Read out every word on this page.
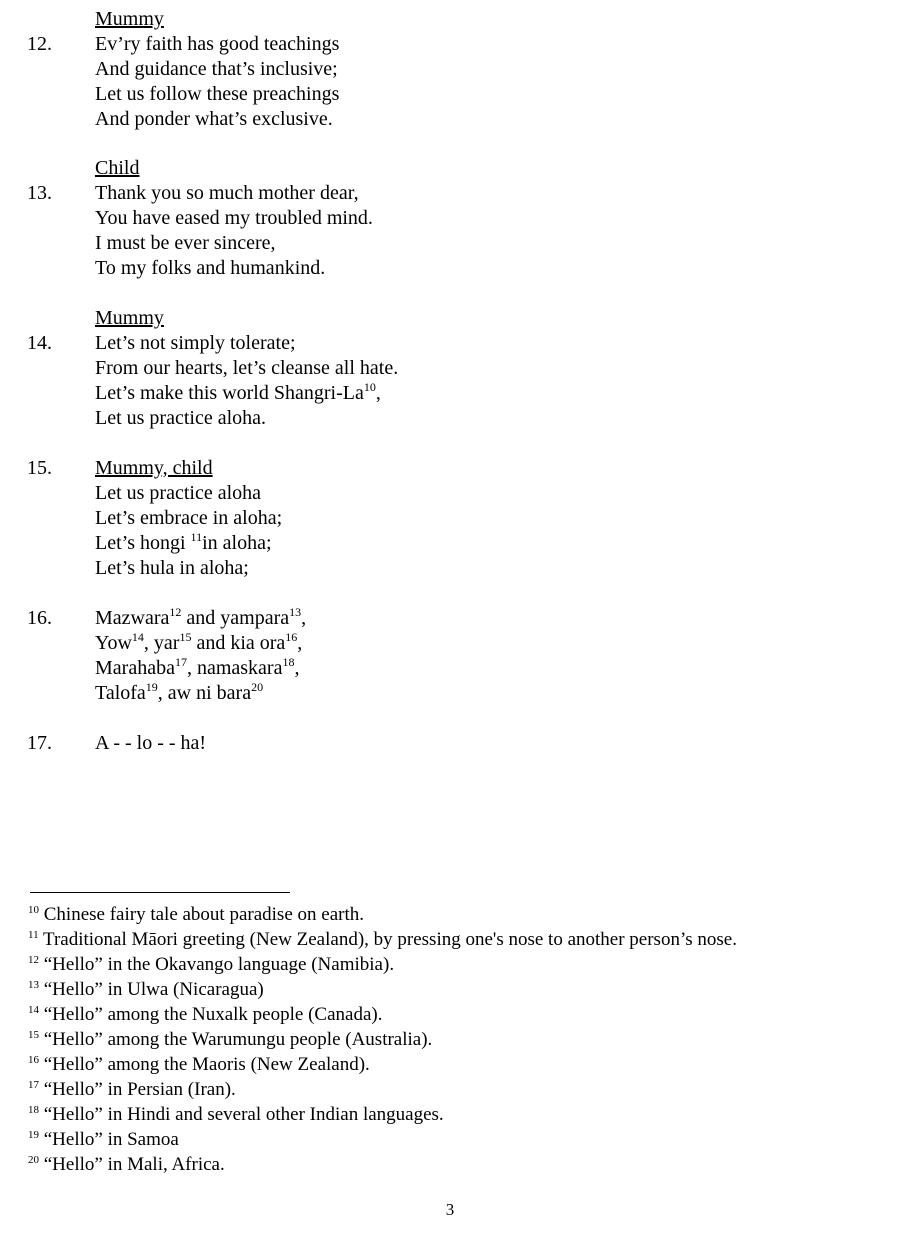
Mummy
12. Ev’ry faith has good teachings
And guidance that’s inclusive;
Let us follow these preachings
And ponder what’s exclusive.
Child
13. Thank you so much mother dear,
You have eased my troubled mind.
I must be ever sincere,
To my folks and humankind.
Mummy
14. Let’s not simply tolerate;
From our hearts, let’s cleanse all hate.
Let’s make this world Shangri-La$^{10}$,
Let us practice aloha.
15. Mummy, child
Let us practice aloha
Let’s embrace in aloha;
Let’s hongi $^{11}$in aloha;
Let’s hula in aloha;
16. Mazwara$^{12}$ and yampara$^{13}$,
Yow$^{14}$, yar$^{15}$ and kia ora$^{16}$,
Marahaba$^{17}$, namaskara$^{18}$,
Talofa$^{19}$, aw ni bara$^{20}$
17. A - - lo - - ha!
$^{10}$ Chinese fairy tale about paradise on earth.
$^{11}$ Traditional Māori greeting (New Zealand), by pressing one's nose to another person’s nose.
$^{12}$ “Hello” in the Okavango language (Namibia).
$^{13}$ “Hello” in Ulwa (Nicaragua)
$^{14}$ “Hello” among the Nuxalk people (Canada).
$^{15}$ “Hello” among the Warumungu people (Australia).
$^{16}$ “Hello” among the Maoris (New Zealand).
$^{17}$ “Hello” in Persian (Iran).
$^{18}$ “Hello” in Hindi and several other Indian languages.
$^{19}$ “Hello” in Samoa
$^{20}$ “Hello” in Mali, Africa.
3
